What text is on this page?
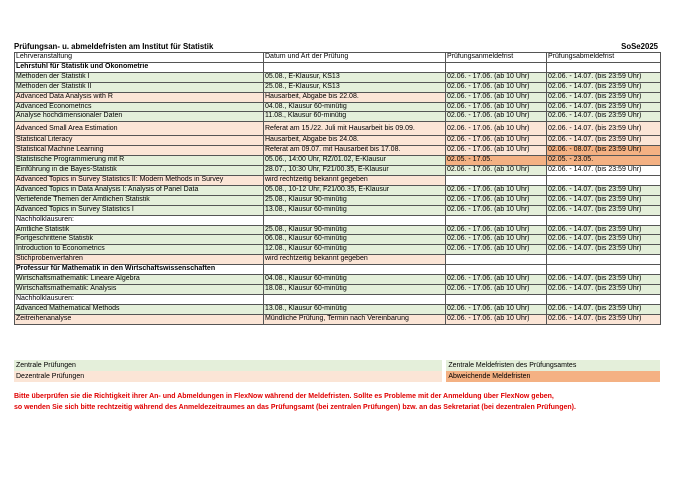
Prüfungsan- u. abmeldefristen am Institut für Statistik	SoSe2025
Lehrveranstaltung	Datum und Art der Prüfung	Prüfungsanmeldefrist	Prüfungsabmeldefrist
Lehrstuhl für Statistik und Ökonometrie			
Methoden der Statistik I	05.08., E-Klausur, KS13	02.06. - 17.06. (ab 10 Uhr)	02.06. - 14.07. (bis 23:59 Uhr)
Methoden der Statistik II	25.08., E-Klausur, KS13	02.06. - 17.06. (ab 10 Uhr)	02.06. - 14.07. (bis 23:59 Uhr)
Advanced Data Analysis with R	Hausarbeit, Abgabe bis 22.08.	02.06. - 17.06. (ab 10 Uhr)	02.06. - 14.07. (bis 23:59 Uhr)
Advanced Econometrics	04.08., Klausur 60-minütig	02.06. - 17.06. (ab 10 Uhr)	02.06. - 14.07. (bis 23:59 Uhr)
Analyse hochdimensionaler Daten	11.08., Klausur 60-minütig	02.06. - 17.06. (ab 10 Uhr)	02.06. - 14.07. (bis 23:59 Uhr)
Advanced Small Area Estimation	Referat am 15./22. Juli mit Hausarbeit bis 09.09.	02.06. - 17.06. (ab 10 Uhr)	02.06. - 14.07. (bis 23:59 Uhr)
Statistical Literacy	Hausarbeit, Abgabe bis 24.08.	02.06. - 17.06. (ab 10 Uhr)	02.06. - 14.07. (bis 23:59 Uhr)
Statistical Machine Learning	Referat am 09.07. mit Hausarbeit bis 17.08.	02.06. - 17.06. (ab 10 Uhr)	02.06. - 08.07. (bis 23:59 Uhr)
Statistische Programmierung mit R	05.06., 14:00 Uhr, RZ/01.02, E-Klausur	02.05. - 17.05.	02.05. - 23.05.
Einführung in die Bayes-Statistik	28.07., 10:30 Uhr, F21/00.35, E-Klausur	02.06. - 17.06. (ab 10 Uhr)	02.06. - 14.07. (bis 23:59 Uhr)
Advanced Topics in Survey Statistics II: Modern Methods in Survey	wird rechtzeitig bekannt gegeben		
Advanced Topics in Data Analysis I: Analysis of Panel Data	05.08., 10-12 Uhr, F21/00.35, E-Klausur	02.06. - 17.06. (ab 10 Uhr)	02.06. - 14.07. (bis 23:59 Uhr)
Vertiefende Themen der Amtlichen Statistik	25.08., Klausur 90-minütig	02.06. - 17.06. (ab 10 Uhr)	02.06. - 14.07. (bis 23:59 Uhr)
Advanced Topics in Survey Statistics I	13.08., Klausur 60-minütig	02.06. - 17.06. (ab 10 Uhr)	02.06. - 14.07. (bis 23:59 Uhr)
Nachholklausuren:			
Amtliche Statistik	25.08., Klausur 90-minütig	02.06. - 17.06. (ab 10 Uhr)	02.06. - 14.07. (bis 23:59 Uhr)
Fortgeschrittene Statistik	06.08., Klausur 60-minütig	02.06. - 17.06. (ab 10 Uhr)	02.06. - 14.07. (bis 23:59 Uhr)
Introduction to Econometrics	12.08., Klausur 60-minütig	02.06. - 17.06. (ab 10 Uhr)	02.06. - 14.07. (bis 23:59 Uhr)
Stichprobenverfahren	wird rechtzeitig bekannt gegeben		
Professur für Mathematik in den Wirtschaftswissenschaften			
Wirtschaftsmathematik: Lineare Algebra	04.08., Klausur 60-minütig	02.06. - 17.06. (ab 10 Uhr)	02.06. - 14.07. (bis 23:59 Uhr)
Wirtschaftsmathematik: Analysis	18.08., Klausur 60-minütig	02.06. - 17.06. (ab 10 Uhr)	02.06. - 14.07. (bis 23:59 Uhr)
Nachholklausuren:			
Advanced Mathematical Methods	13.08., Klausur 60-minütig	02.06. - 17.06. (ab 10 Uhr)	02.06. - 14.07. (bis 23:59 Uhr)
Zeitreihenanalyse	Mündliche Prüfung, Termin nach Vereinbarung	02.06. - 17.06. (ab 10 Uhr)	02.06. - 14.07. (bis 23:59 Uhr)
Zentrale Prüfungen	Zentrale Meldefristen des Prüfungsamtes
Dezentrale Prüfungen	Abweichende Meldefristen
Bitte überprüfen sie die Richtigkeit ihrer An- und Abmeldungen in FlexNow während der Meldefristen. Sollte es Probleme mit der Anmeldung über FlexNow geben,
so wenden Sie sich bitte rechtzeitig während des Anmeldezeitraumes an das Prüfungsamt (bei zentralen Prüfungen) bzw. an das Sekretariat (bei dezentralen Prüfungen).
